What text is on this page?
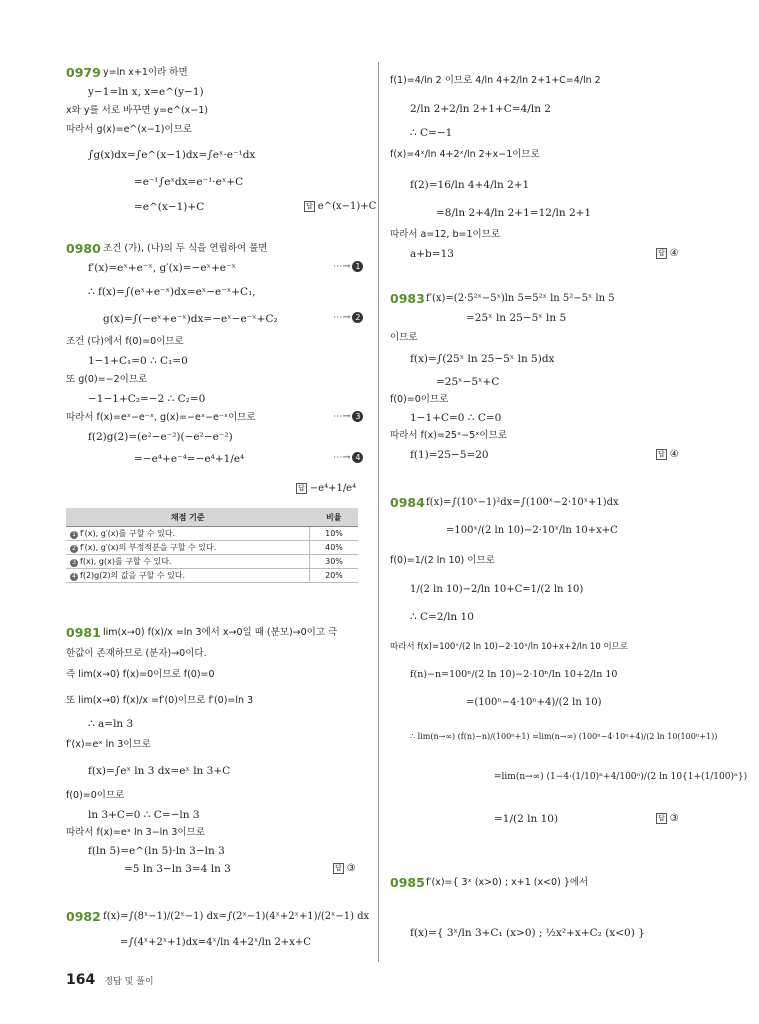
0979 y=ln x+1이라 하면
y−1=ln x, x=e^(y−1)
x와 y를 서로 바꾸면 y=e^(x−1)
따라서 g(x)=e^(x−1)이므로
∫g(x)dx=∫e^(x−1)dx=∫eˣ·e⁻¹dx
=e⁻¹∫eˣdx=e⁻¹·eˣ+C
=e^(x−1)+C	답 e^(x−1)+C
0980 조건 (가), (나)의 두 식을 연립하여 풀면
f′(x)=eˣ+e⁻ˣ, g′(x)=−eˣ+e⁻ˣ	⋯→ 1
∴ f(x)=∫(eˣ+e⁻ˣ)dx=eˣ−e⁻ˣ+C₁,
g(x)=∫(−eˣ+e⁻ˣ)dx=−eˣ−e⁻ˣ+C₂	⋯→ 2
조건 (다)에서 f(0)=0이므로
1−1+C₁=0 ∴ C₁=0
또 g(0)=−2이므로
−1−1+C₂=−2 ∴ C₂=0
따라서 f(x)=eˣ−e⁻ˣ, g(x)=−eˣ−e⁻ˣ이므로	⋯→ 3
f(2)g(2)=(e²−e⁻²)(−e²−e⁻²)
=−e⁴+e⁻⁴=−e⁴+1/e⁴	⋯→ 4
답 −e⁴+1/e⁴
채점 기준	비율
1 f′(x), g′(x)를 구할 수 있다.	10%
2 f′(x), g′(x)의 부정적분을 구할 수 있다.	40%
3 f(x), g(x)를 구할 수 있다.	30%
4 f(2)g(2)의 값을 구할 수 있다.	20%
0981 lim(x→0) f(x)/x =ln 3에서 x→0일 때 (분모)→0이고 극
한값이 존재하므로 (분자)→0이다.
즉 lim(x→0) f(x)=0이므로 f(0)=0
또 lim(x→0) f(x)/x =f′(0)이므로 f′(0)=ln 3
∴ a=ln 3
f′(x)=eˣ ln 3이므로
f(x)=∫eˣ ln 3 dx=eˣ ln 3+C
f(0)=0이므로
ln 3+C=0 ∴ C=−ln 3
따라서 f(x)=eˣ ln 3−ln 3이므로
f(ln 5)=e^(ln 5)·ln 3−ln 3
=5 ln 3−ln 3=4 ln 3	답 ③
0982 f(x)=∫(8ˣ−1)/(2ˣ−1) dx=∫(2ˣ−1)(4ˣ+2ˣ+1)/(2ˣ−1) dx
=∫(4ˣ+2ˣ+1)dx=4ˣ/ln 4+2ˣ/ln 2+x+C
f(1)=4/ln 2 이므로 4/ln 4+2/ln 2+1+C=4/ln 2
2/ln 2+2/ln 2+1+C=4/ln 2
∴ C=−1
f(x)=4ˣ/ln 4+2ˣ/ln 2+x−1이므로
f(2)=16/ln 4+4/ln 2+1
=8/ln 2+4/ln 2+1=12/ln 2+1
따라서 a=12, b=1이므로
a+b=13	답 ④
0983 f′(x)=(2·5²ˣ−5ˣ)ln 5=5²ˣ ln 5²−5ˣ ln 5
=25ˣ ln 25−5ˣ ln 5
이므로
f(x)=∫(25ˣ ln 25−5ˣ ln 5)dx
=25ˣ−5ˣ+C
f(0)=0이므로
1−1+C=0 ∴ C=0
따라서 f(x)=25ˣ−5ˣ이므로
f(1)=25−5=20	답 ④
0984 f(x)=∫(10ˣ−1)²dx=∫(100ˣ−2·10ˣ+1)dx
=100ˣ/(2 ln 10)−2·10ˣ/ln 10+x+C
f(0)=1/(2 ln 10) 이므로
1/(2 ln 10)−2/ln 10+C=1/(2 ln 10)
∴ C=2/ln 10
따라서 f(x)=100ˣ/(2 ln 10)−2·10ˣ/ln 10+x+2/ln 10 이므로
f(n)−n=100ⁿ/(2 ln 10)−2·10ⁿ/ln 10+2/ln 10
=(100ⁿ−4·10ⁿ+4)/(2 ln 10)
∴ lim(n→∞) (f(n)−n)/(100ⁿ+1) =lim(n→∞) (100ⁿ−4·10ⁿ+4)/(2 ln 10(100ⁿ+1))
=lim(n→∞) (1−4·(1/10)ⁿ+4/100ⁿ)/(2 ln 10{1+(1/100)ⁿ})
=1/(2 ln 10)	답 ③
0985 f′(x)={ 3ˣ (x>0) ; x+1 (x<0) }에서
f(x)={ 3ˣ/ln 3+C₁ (x>0) ; ½x²+x+C₂ (x<0) }
164 정답 및 풀이
